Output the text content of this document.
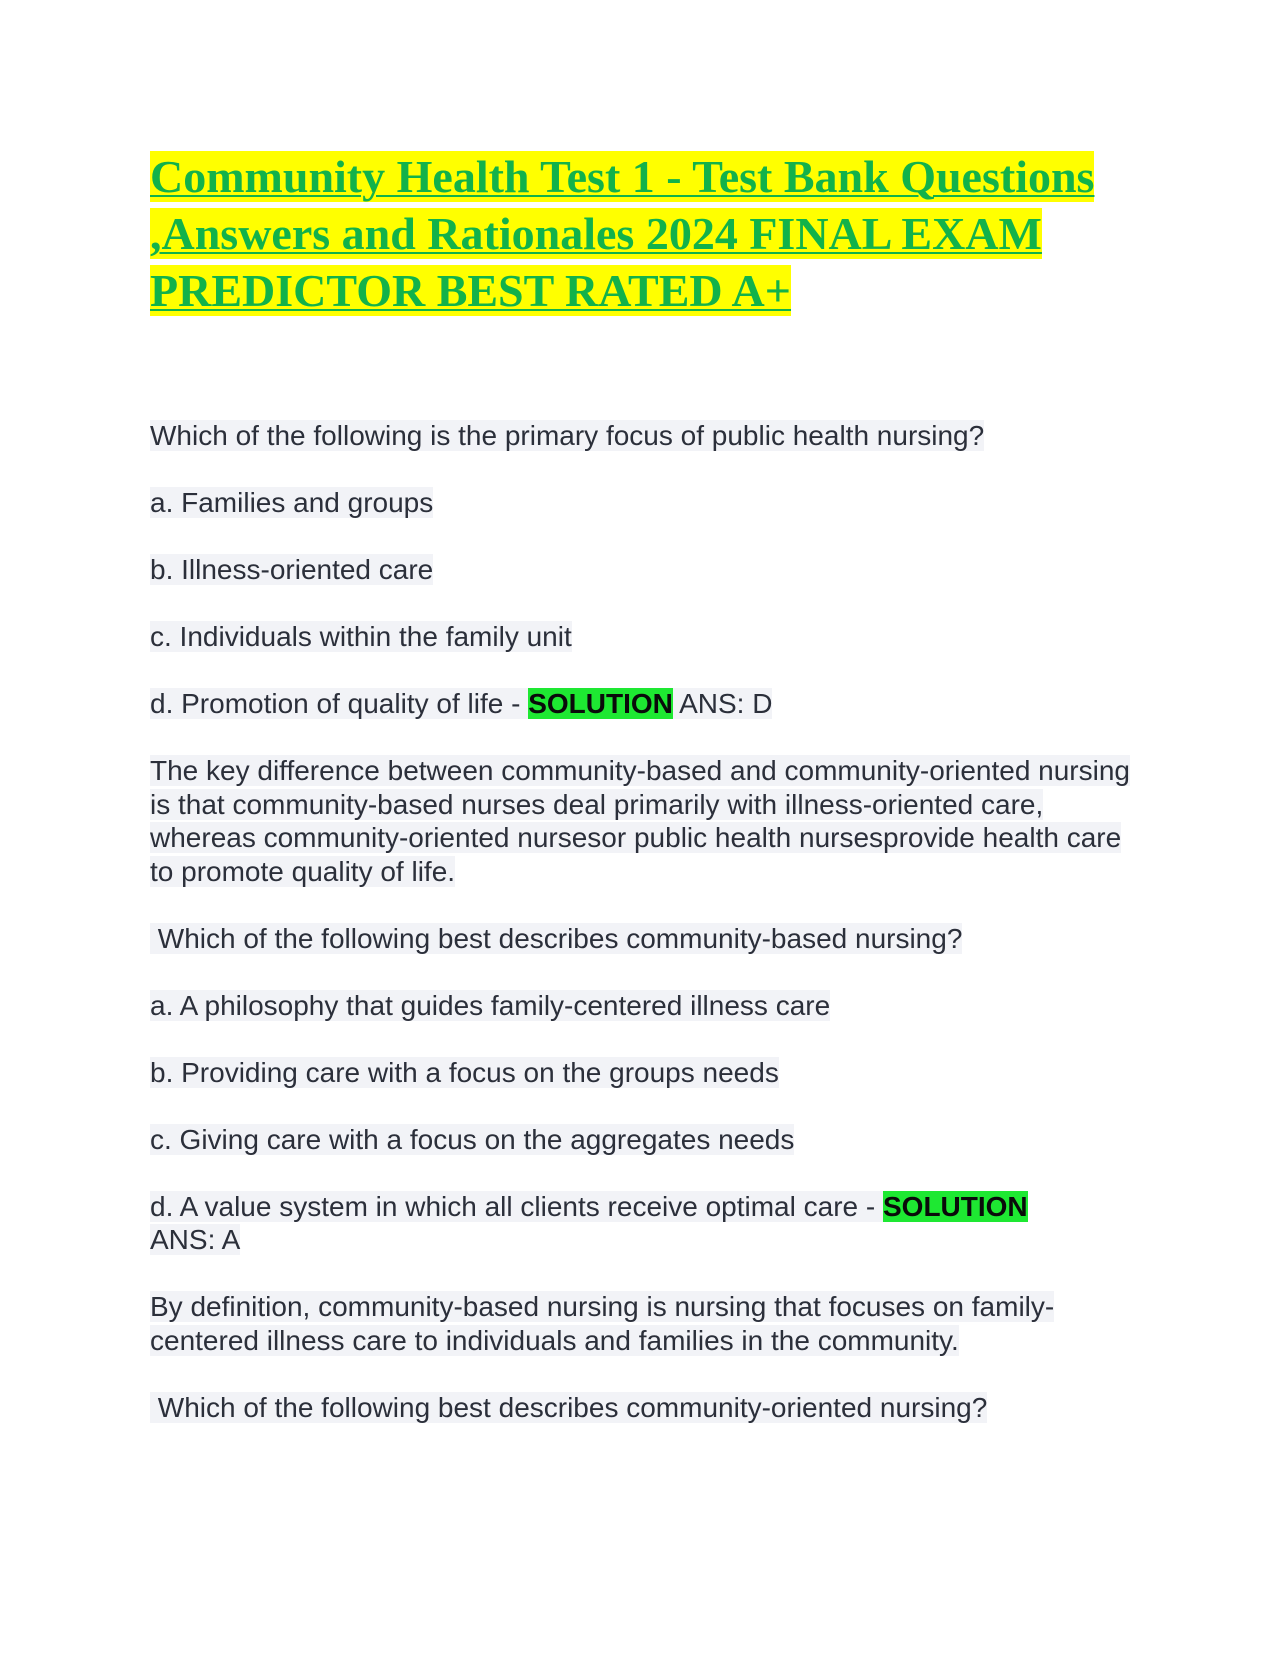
Community Health Test 1 - Test Bank Questions ,Answers and Rationales 2024 FINAL EXAM PREDICTOR BEST RATED A+

Which of the following is the primary focus of public health nursing?

a. Families and groups

b. Illness-oriented care

c. Individuals within the family unit

d. Promotion of quality of life - SOLUTION ANS: D

The key difference between community-based and community-oriented nursing is that community-based nurses deal primarily with illness-oriented care, whereas community-oriented nursesor public health nursesprovide health care to promote quality of life.

Which of the following best describes community-based nursing?

a. A philosophy that guides family-centered illness care

b. Providing care with a focus on the groups needs

c. Giving care with a focus on the aggregates needs

d. A value system in which all clients receive optimal care - SOLUTION
ANS: A

By definition, community-based nursing is nursing that focuses on family-centered illness care to individuals and families in the community.

Which of the following best describes community-oriented nursing?
